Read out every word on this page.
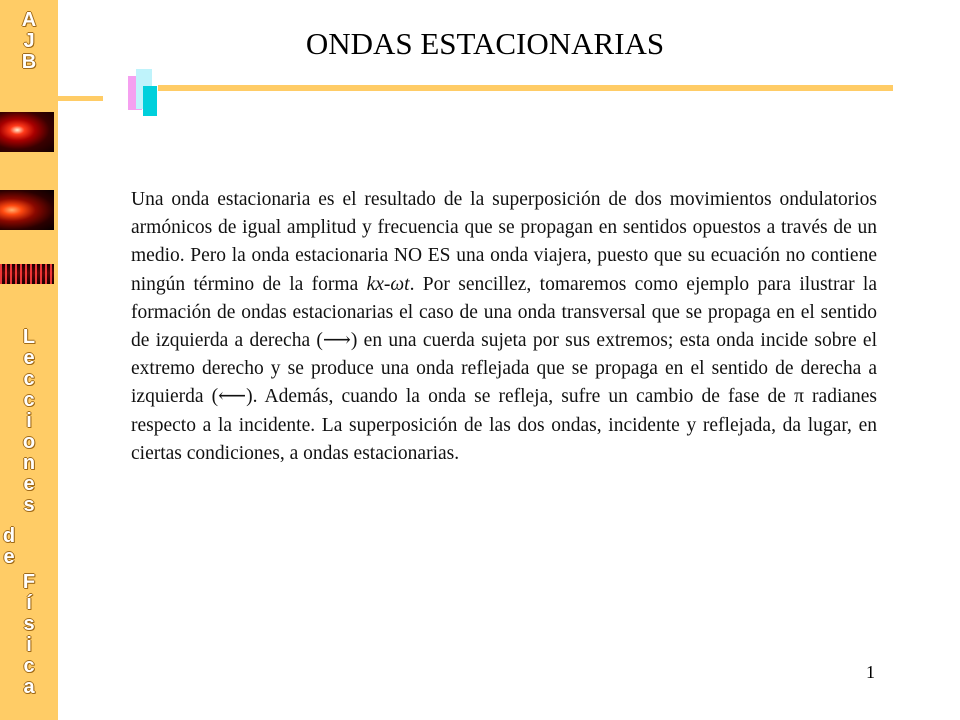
A
J
B
L
e
c
c
i
o
n
e
s
d
e
F
í
s
i
c
a
ONDAS ESTACIONARIAS

Una onda estacionaria es el resultado de la superposición de dos movimientos ondulatorios armónicos de igual amplitud y frecuencia que se propagan en sentidos opuestos a través de un medio. Pero la onda estacionaria NO ES una onda viajera, puesto que su ecuación no contiene ningún término de la forma kx-ωt. Por sencillez, tomaremos como ejemplo para ilustrar la formación de ondas estacionarias el caso de una onda transversal que se propaga en el sentido de izquierda a derecha (⟶) en una cuerda sujeta por sus extremos; esta onda incide sobre el extremo derecho y se produce una onda reflejada que se propaga en el sentido de derecha a izquierda (⟵). Además, cuando la onda se refleja, sufre un cambio de fase de π radianes respecto a la incidente. La superposición de las dos ondas, incidente y reflejada, da lugar, en ciertas condiciones, a ondas estacionarias.

1
